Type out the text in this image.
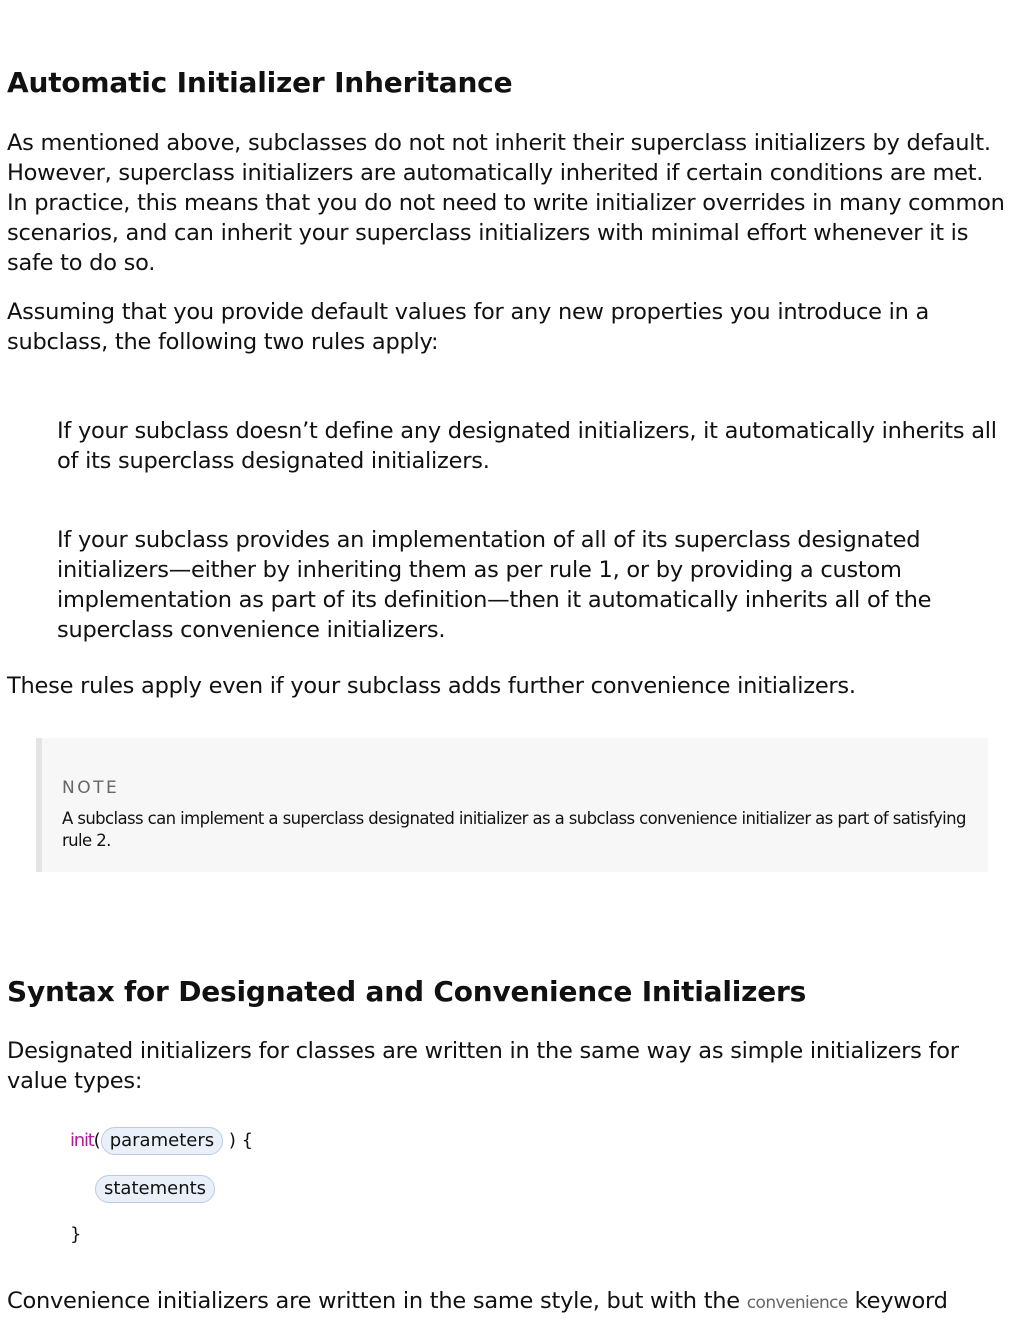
Automatic Initializer Inheritance

As mentioned above, subclasses do not not inherit their superclass initializers by default. However, superclass initializers are automatically inherited if certain conditions are met. In practice, this means that you do not need to write initializer overrides in many common scenarios, and can inherit your superclass initializers with minimal effort whenever it is safe to do so.

Assuming that you provide default values for any new properties you introduce in a subclass, the following two rules apply:

If your subclass doesn’t define any designated initializers, it automatically inherits all of its superclass designated initializers.
If your subclass provides an implementation of all of its superclass designated initializers—either by inheriting them as per rule 1, or by providing a custom implementation as part of its definition—then it automatically inherits all of the superclass convenience initializers.

These rules apply even if your subclass adds further convenience initializers.

NOTE
A subclass can implement a superclass designated initializer as a subclass convenience initializer as part of satisfying rule 2.
Syntax for Designated and Convenience Initializers

Designated initializers for classes are written in the same way as simple initializers for value types:

init( parameters ) {
statements
}

Convenience initializers are written in the same style, but with the convenience keyword
